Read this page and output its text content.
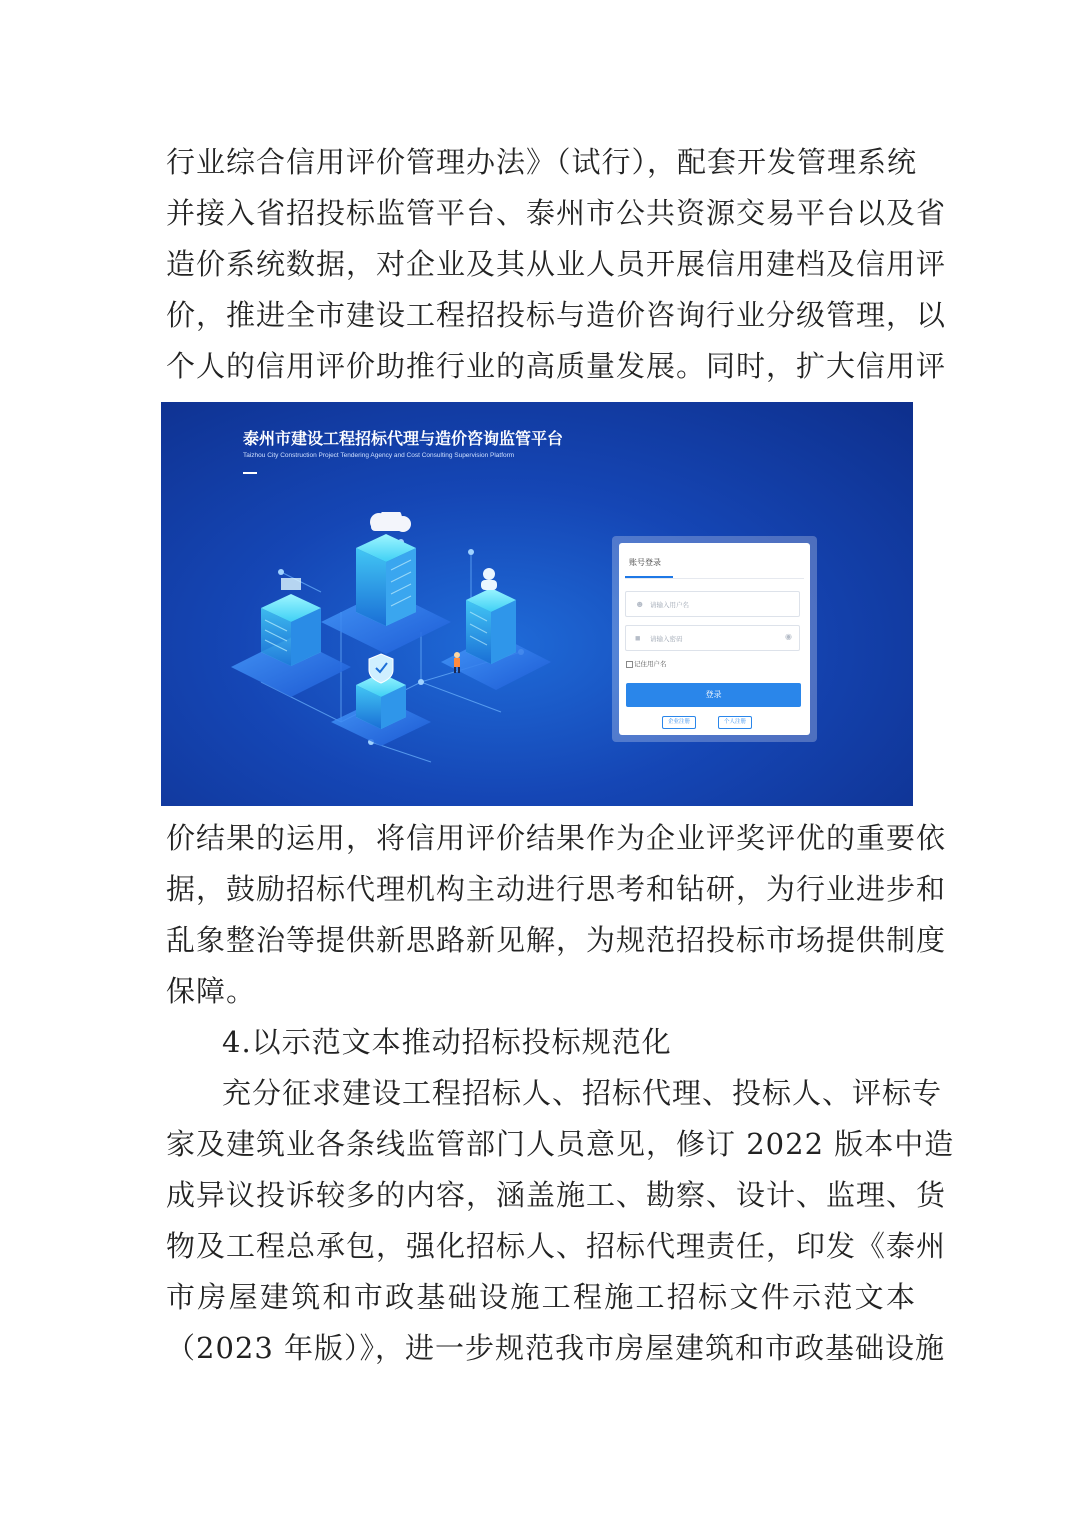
行业综合信用评价管理办法》（试行），配套开发管理系统
并接入省招投标监管平台、泰州市公共资源交易平台以及省
造价系统数据，对企业及其从业人员开展信用建档及信用评
价，推进全市建设工程招投标与造价咨询行业分级管理，以
个人的信用评价助推行业的高质量发展。同时，扩大信用评
泰州市建设工程招标代理与造价咨询监管平台
Taizhou City Construction Project Tendering Agency and Cost Consulting Supervision Platform
账号登录
☻ 请输入用户名
■ 请输入密码	◉
记住用户名
登录
企业注册	个人注册
价结果的运用，将信用评价结果作为企业评奖评优的重要依
据，鼓励招标代理机构主动进行思考和钻研，为行业进步和
乱象整治等提供新思路新见解，为规范招投标市场提供制度
保障。
4.以示范文本推动招标投标规范化
充分征求建设工程招标人、招标代理、投标人、评标专
家及建筑业各条线监管部门人员意见，修订 2022 版本中造
成异议投诉较多的内容，涵盖施工、勘察、设计、监理、货
物及工程总承包，强化招标人、招标代理责任，印发《泰州
市房屋建筑和市政基础设施工程施工招标文件示范文本
（2023 年版）》，进一步规范我市房屋建筑和市政基础设施
